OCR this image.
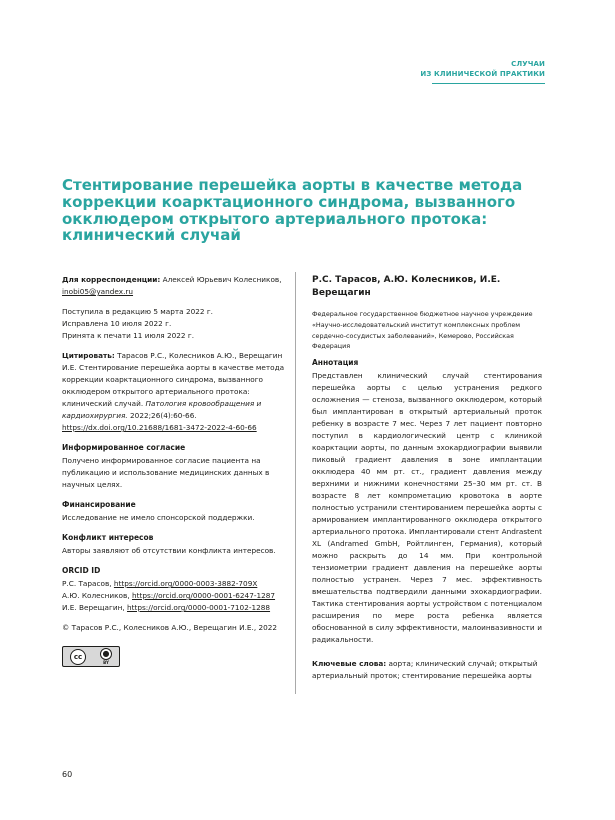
СЛУЧАИ
ИЗ КЛИНИЧЕСКОЙ ПРАКТИКИ
Стентирование перешейка аорты в качестве метода коррекции коарктационного синдрома, вызванного окклюдером открытого артериального протока: клинический случай
Для корреспонденции: Алексей Юрьевич Колесников,
inobi05@yandex.ru
Поступила в редакцию 5 марта 2022 г.
Исправлена 10 июля 2022 г.
Принята к печати 11 июля 2022 г.
Цитировать: Тарасов Р.С., Колесников А.Ю., Верещагин И.Е. Стентирование перешейка аорты в качестве метода коррекции коарктационного синдрома, вызванного окклюдером открытого артериального протока: клинический случай. Патология кровообращения и кардиохирургия. 2022;26(4):60-66.
https://dx.doi.org/10.21688/1681-3472-2022-4-60-66
Информированное согласие
Получено информированное согласие пациента на публикацию и использование медицинских данных в научных целях.
Финансирование
Исследование не имело спонсорской поддержки.
Конфликт интересов
Авторы заявляют об отсутствии конфликта интересов.
ORCID ID
Р.С. Тарасов, https://orcid.org/0000-0003-3882-709X
А.Ю. Колесников, https://orcid.org/0000-0001-6247-1287
И.Е. Верещагин, https://orcid.org/0000-0001-7102-1288
© Тарасов Р.С., Колесников А.Ю., Верещагин И.Е., 2022
cc	●
BY
Р.С. Тарасов, А.Ю. Колесников, И.Е. Верещагин
Федеральное государственное бюджетное научное учреждение «Научно-исследовательский институт комплексных проблем сердечно-сосудистых заболеваний», Кемерово, Российская Федерация
Аннотация
Представлен клинический случай стентирования перешейка аорты с целью устранения редкого осложнения — стеноза, вызванного окклюдером, который был имплантирован в открытый артериальный проток ребенку в возрасте 7 мес. Через 7 лет пациент повторно поступил в кардиологический центр с клиникой коарктации аорты, по данным эхокардиографии выявили пиковый градиент давления в зоне имплантации окклюдера 40 мм рт. ст., градиент давления между верхними и нижними конечностями 25–30 мм рт. ст. В возрасте 8 лет компрометацию кровотока в аорте полностью устранили стентированием перешейка аорты с армированием имплантированного окклюдера открытого артериального протока. Имплантировали стент Andrastent XL (Andramed GmbH, Ройтлинген, Германия), который можно раскрыть до 14 мм. При контрольной тензиометрии градиент давления на перешейке аорты полностью устранен. Через 7 мес. эффективность вмешательства подтвердили данными эхокардиографии. Тактика стентирования аорты устройством с потенциалом расширения по мере роста ребенка является обоснованной в силу эффективности, малоинвазивности и радикальности.
Ключевые слова: аорта; клинический случай; открытый артериальный проток; стентирование перешейка аорты
60
